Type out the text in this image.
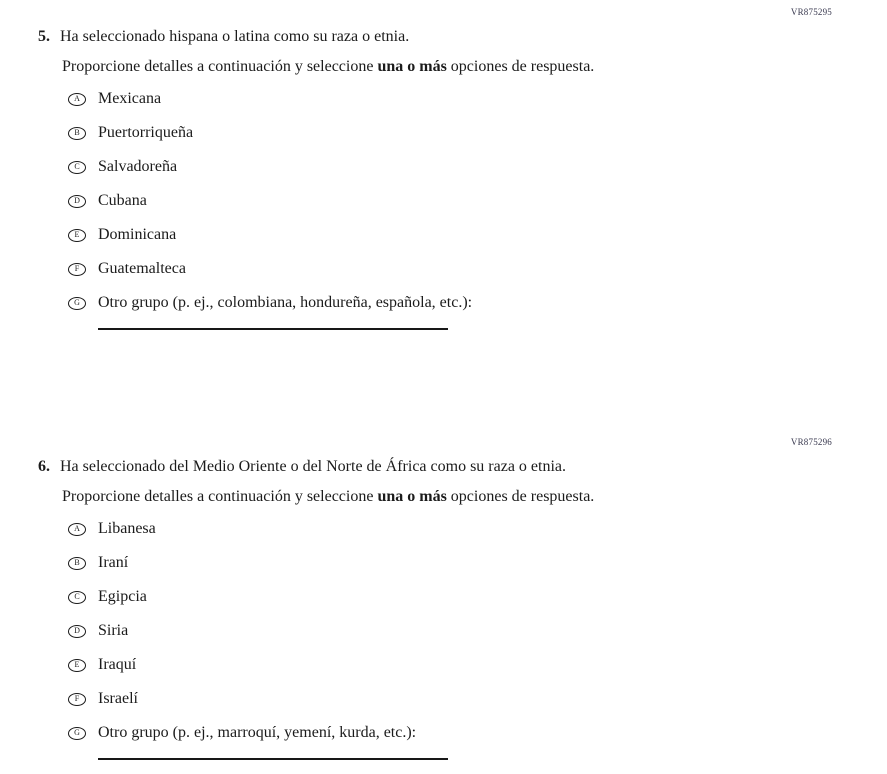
VR875295
5. Ha seleccionado hispana o latina como su raza o etnia.
Proporcione detalles a continuación y seleccione una o más opciones de respuesta.
A Mexicana
B Puertorriqueña
C Salvadoreña
D Cubana
E Dominicana
F Guatemalteca
G Otro grupo (p. ej., colombiana, hondureña, española, etc.):
VR875296
6. Ha seleccionado del Medio Oriente o del Norte de África como su raza o etnia.
Proporcione detalles a continuación y seleccione una o más opciones de respuesta.
A Libanesa
B Iraní
C Egipcia
D Siria
E Iraquí
F Israelí
G Otro grupo (p. ej., marroquí, yemení, kurda, etc.):
